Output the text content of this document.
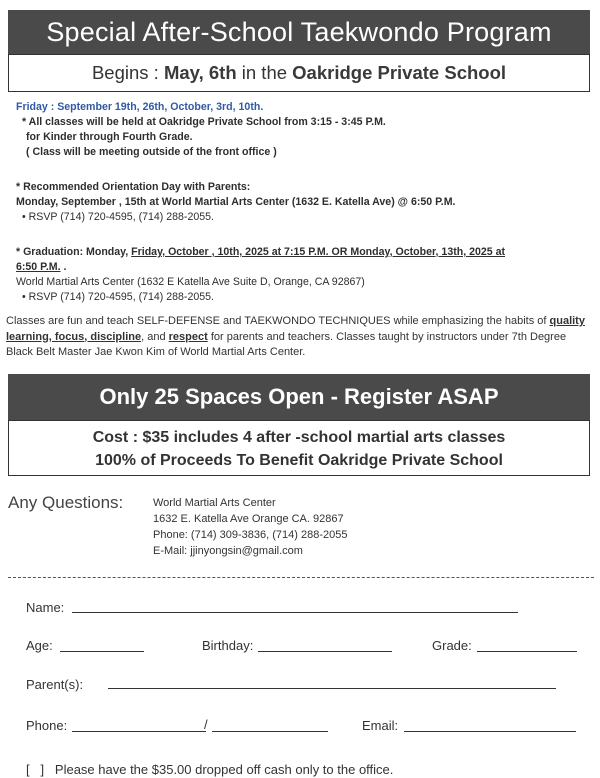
Special After-School Taekwondo Program
Begins : May, 6th in the Oakridge Private School
Friday : September 19th, 26th, October, 3rd, 10th.
* All classes will be held at Oakridge Private School from 3:15 - 3:45 P.M.
for Kinder through Fourth Grade.
( Class will be meeting outside of the front office )
* Recommended Orientation Day with Parents:
Monday, September , 15th at World Martial Arts Center (1632 E. Katella Ave) @ 6:50 P.M.
• RSVP (714) 720-4595, (714) 288-2055.
* Graduation: Monday, Friday, October , 10th, 2025 at 7:15 P.M. OR Monday, October, 13th, 2025 at
6:50 P.M. .
World Martial Arts Center (1632 E Katella Ave Suite D, Orange, CA 92867)
• RSVP (714) 720-4595, (714) 288-2055.
Classes are fun and teach SELF-DEFENSE and TAEKWONDO TECHNIQUES while emphasizing the habits of quality learning, focus, discipline, and respect for parents and teachers. Classes taught by instructors under 7th Degree Black Belt Master Jae Kwon Kim of World Martial Arts Center.
Only 25 Spaces Open - Register ASAP
Cost : $35 includes 4 after -school martial arts classes
100% of Proceeds To Benefit Oakridge Private School
Any Questions:	World Martial Arts Center
1632 E. Katella Ave Orange CA. 92867
Phone: (714) 309-3836, (714) 288-2055
E-Mail: jjinyongsin@gmail.com
Name:
Age:	Birthday:	Grade:
Parent(s):
Phone:	/	Email:
[   ] Please have the $35.00 dropped off cash only to the office.
